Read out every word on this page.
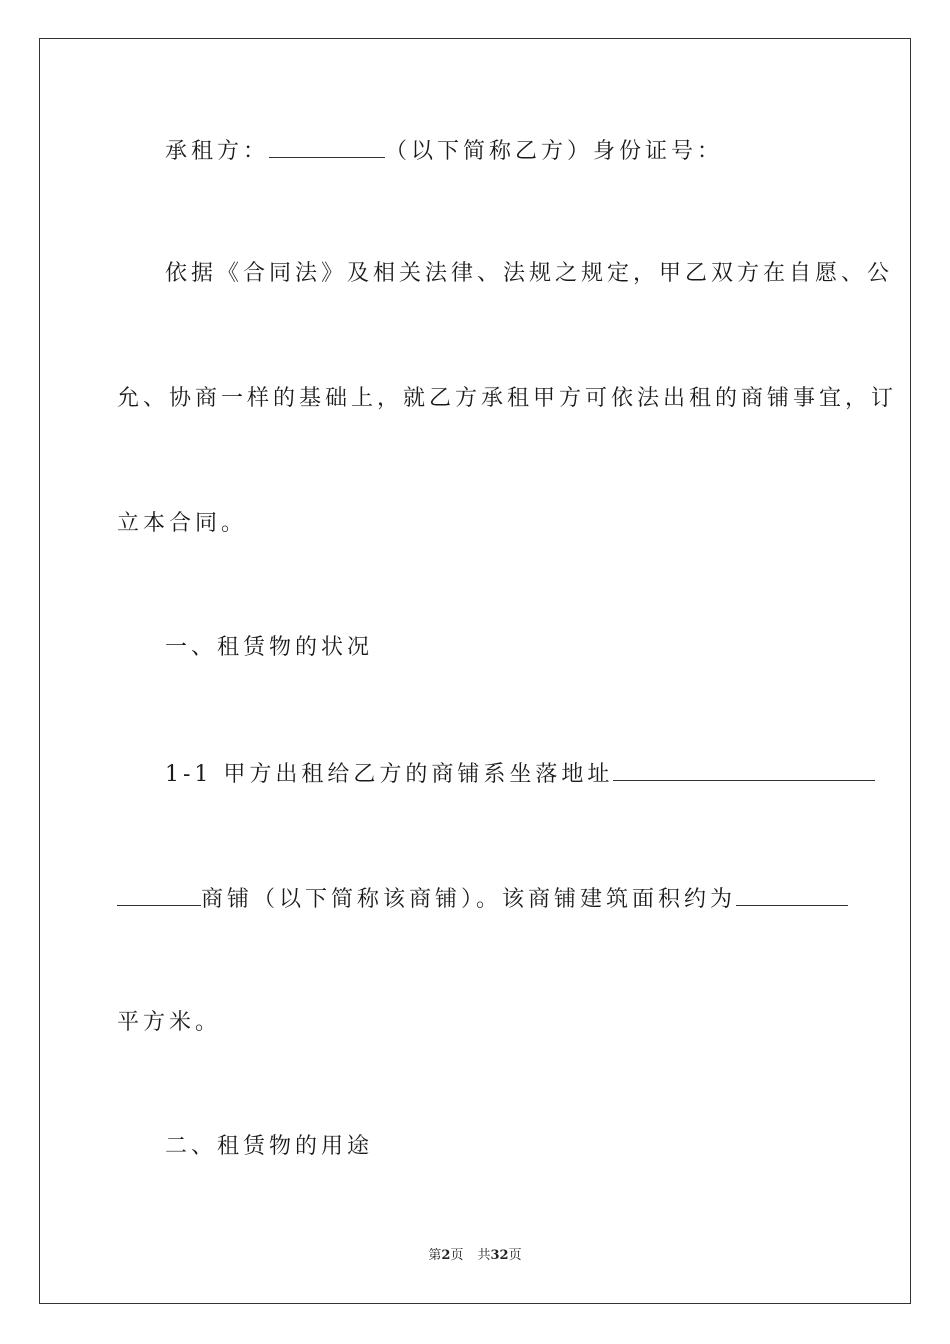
承租方：	（以下简称乙方）身份证号：
依据《合同法》及相关法律、法规之规定，甲乙双方在自愿、公
允、协商一样的基础上，就乙方承租甲方可依法出租的商铺事宜，订
立本合同。
一、租赁物的状况
1-1 甲方出租给乙方的商铺系坐落地址
商铺（以下简称该商铺）。该商铺建筑面积约为
平方米。
二、租赁物的用途
第2页 共32页
